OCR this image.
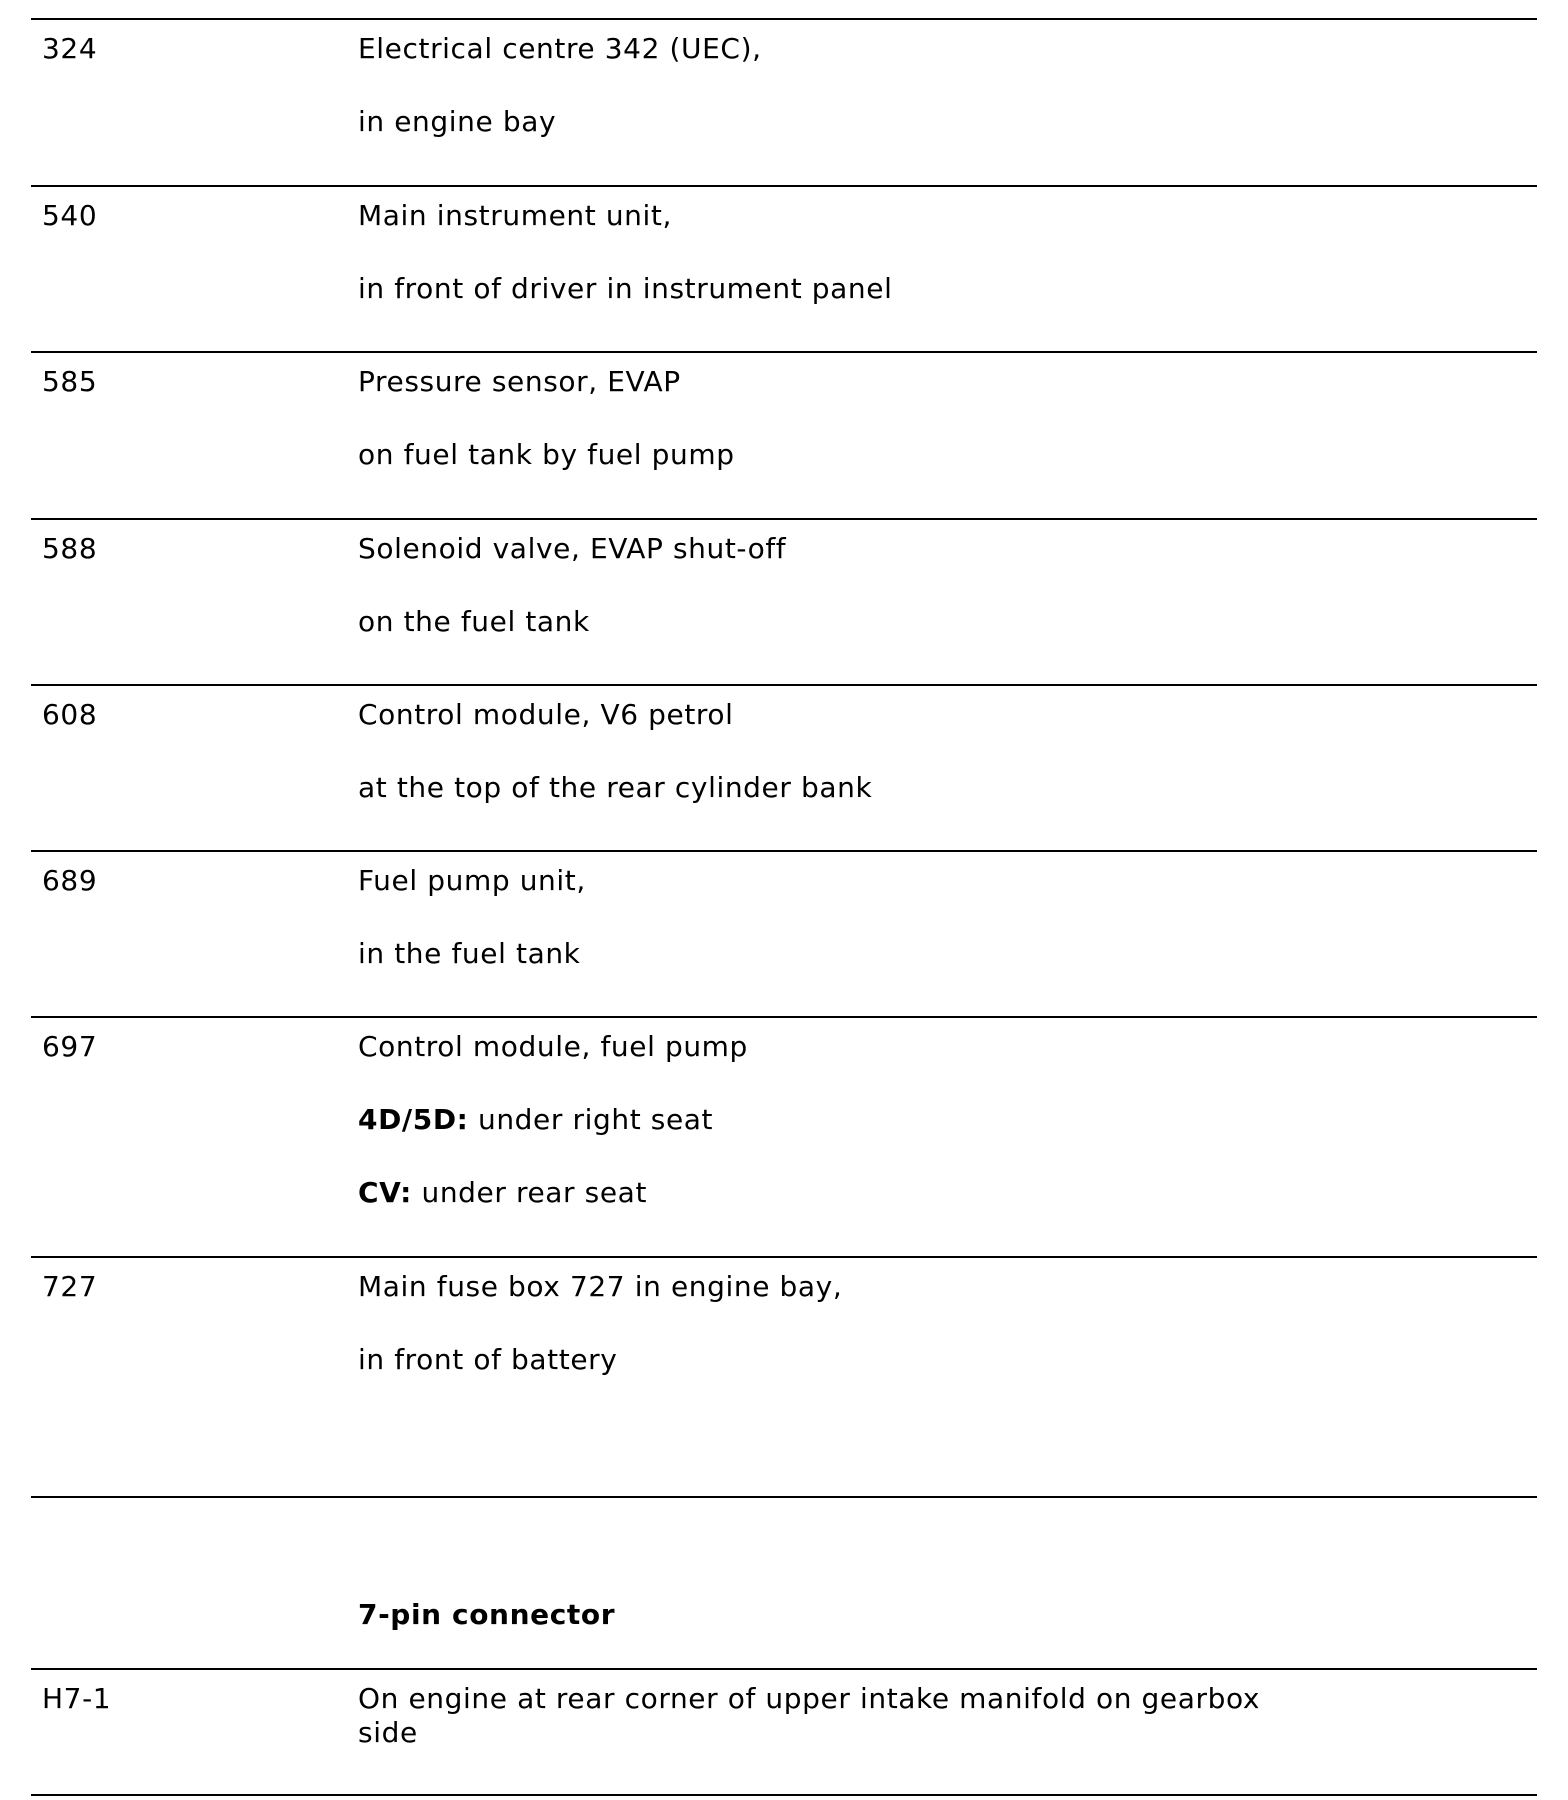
324	Electrical centre 342 (UEC),
in engine bay
540	Main instrument unit,
in front of driver in instrument panel
585	Pressure sensor, EVAP
on fuel tank by fuel pump
588	Solenoid valve, EVAP shut-off
on the fuel tank
608	Control module, V6 petrol
at the top of the rear cylinder bank
689	Fuel pump unit,
in the fuel tank
697	Control module, fuel pump
4D/5D: under right seat
CV: under rear seat
727	Main fuse box 727 in engine bay,
in front of battery
7-pin connector
H7-1	On engine at rear corner of upper intake manifold on gearbox side
